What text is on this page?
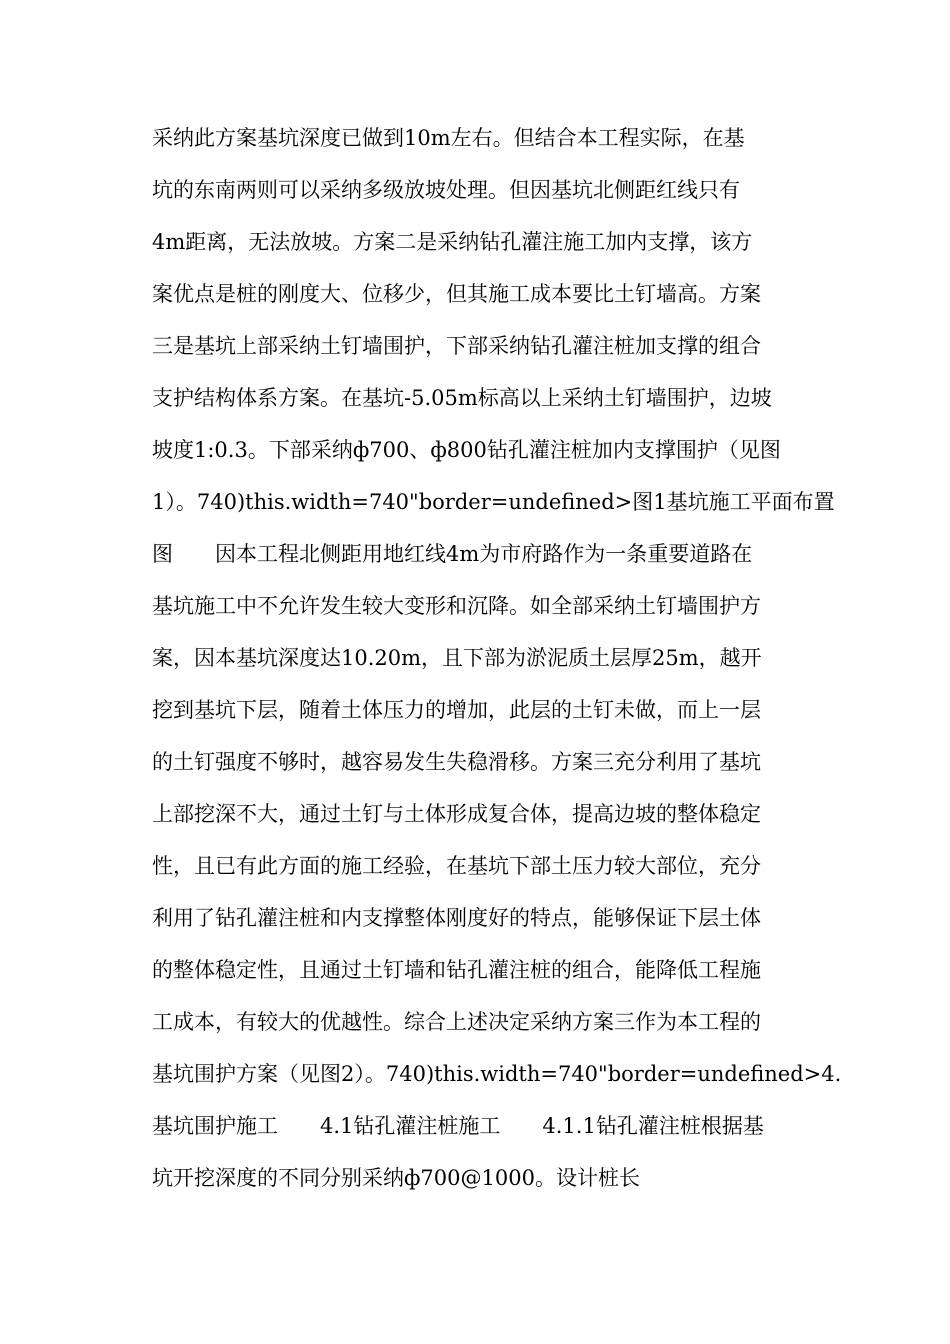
采纳此方案基坑深度已做到10m左右。但结合本工程实际，在基
坑的东南两则可以采纳多级放坡处理。但因基坑北侧距红线只有
4m距离，无法放坡。方案二是采纳钻孔灌注施工加内支撑，该方
案优点是桩的刚度大、位移少，但其施工成本要比土钉墙高。方案
三是基坑上部采纳土钉墙围护，下部采纳钻孔灌注桩加支撑的组合
支护结构体系方案。在基坑-5.05m标高以上采纳土钉墙围护，边坡
坡度1:0.3。下部采纳ф700、ф800钻孔灌注桩加内支撑围护（见图
1）。740)this.width=740"border=undefined>图1基坑施工平面布置
图　　因本工程北侧距用地红线4m为市府路作为一条重要道路在
基坑施工中不允许发生较大变形和沉降。如全部采纳土钉墙围护方
案，因本基坑深度达10.20m，且下部为淤泥质土层厚25m，越开
挖到基坑下层，随着土体压力的增加，此层的土钉未做，而上一层
的土钉强度不够时，越容易发生失稳滑移。方案三充分利用了基坑
上部挖深不大，通过土钉与土体形成复合体，提高边坡的整体稳定
性，且已有此方面的施工经验，在基坑下部土压力较大部位，充分
利用了钻孔灌注桩和内支撑整体刚度好的特点，能够保证下层土体
的整体稳定性，且通过土钉墙和钻孔灌注桩的组合，能降低工程施
工成本，有较大的优越性。综合上述决定采纳方案三作为本工程的
基坑围护方案（见图2）。740)this.width=740"border=undefined>4.
基坑围护施工　　4.1钻孔灌注桩施工　　4.1.1钻孔灌注桩根据基
坑开挖深度的不同分别采纳ф700@1000。设计桩长
